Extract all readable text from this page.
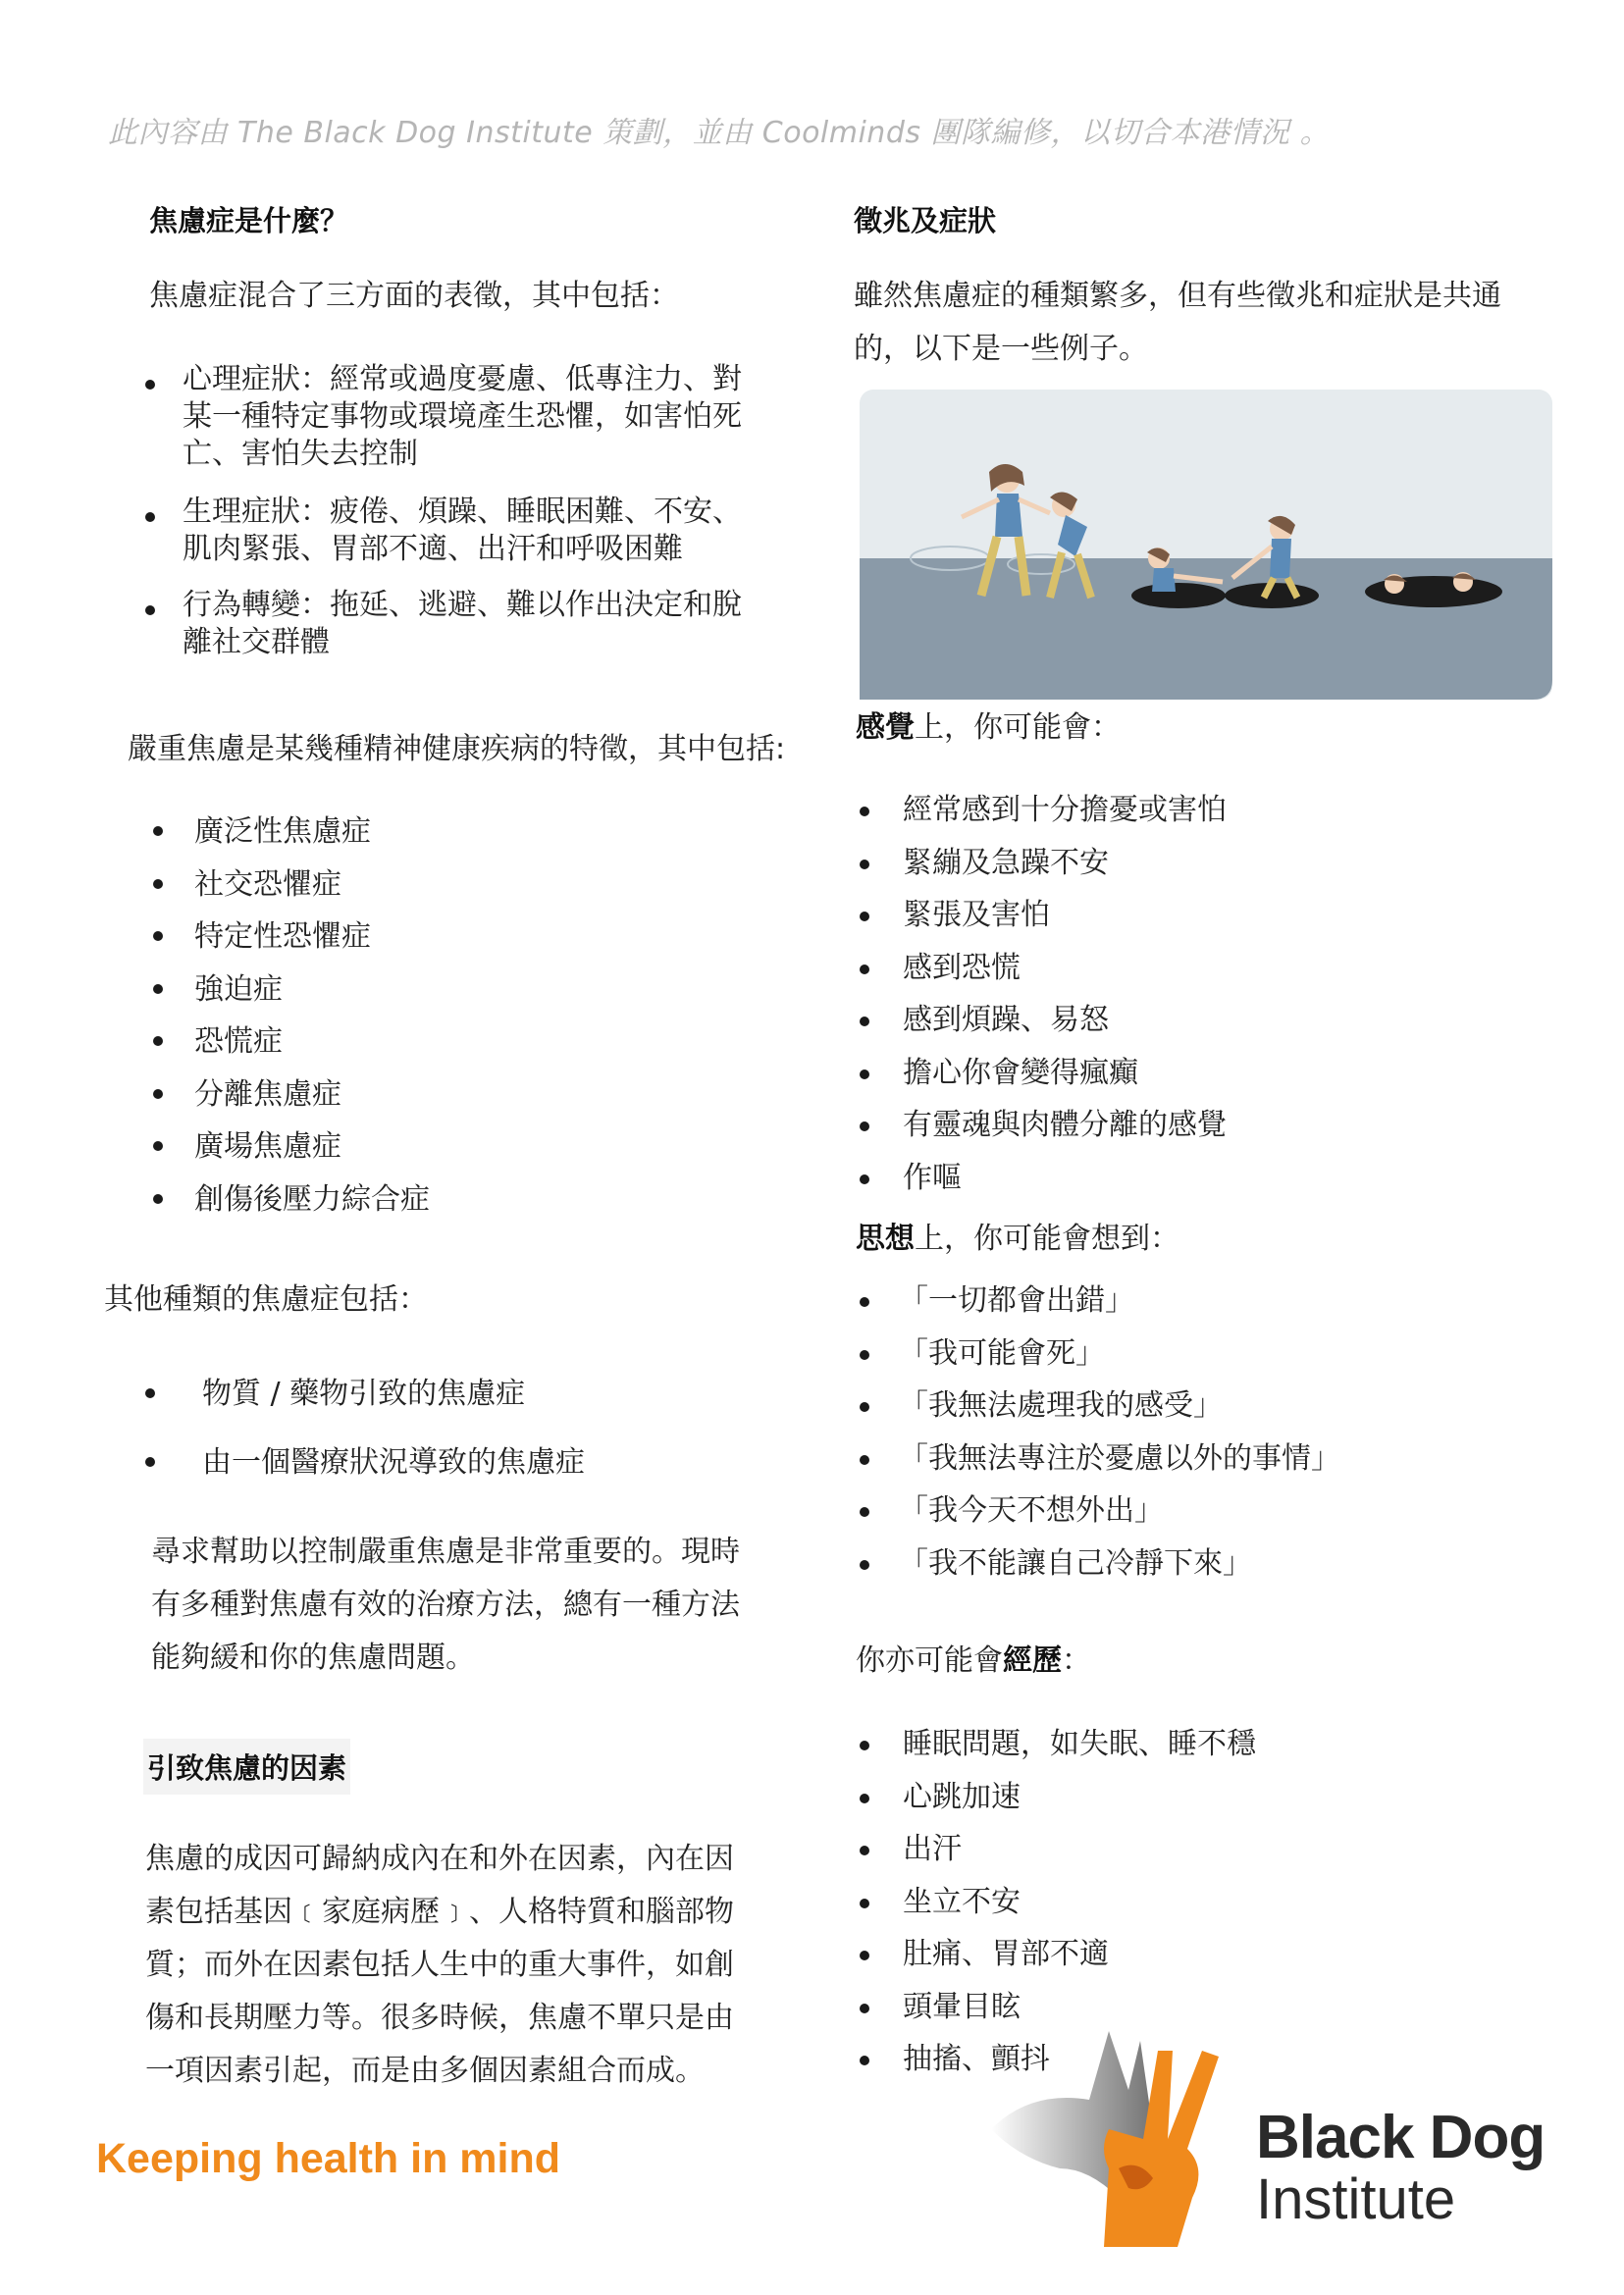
此內容由 The Black Dog Institute 策劃，並由 Coolminds 團隊編修，以切合本港情況 。
焦慮症是什麼？
焦慮症混合了三方面的表徵，其中包括：
心理症狀：經常或過度憂慮、低專注力、對
某一種特定事物或環境產生恐懼，如害怕死
亡、害怕失去控制
生理症狀：疲倦、煩躁、睡眠困難、不安、
肌肉緊張、胃部不適、出汗和呼吸困難
行為轉變：拖延、逃避、難以作出決定和脫
離社交群體
嚴重焦慮是某幾種精神健康疾病的特徵，其中包括:
廣泛性焦慮症
社交恐懼症
特定性恐懼症
強迫症
恐慌症
分離焦慮症
廣場焦慮症
創傷後壓力綜合症
其他種類的焦慮症包括：
物質 / 藥物引致的焦慮症
由一個醫療狀況導致的焦慮症
尋求幫助以控制嚴重焦慮是非常重要的。現時
有多種對焦慮有效的治療方法，總有一種方法
能夠緩和你的焦慮問題。
引致焦慮的因素
焦慮的成因可歸納成內在和外在因素，內在因
素包括基因﹝家庭病歷﹞、人格特質和腦部物
質；而外在因素包括人生中的重大事件，如創
傷和長期壓力等。很多時候，焦慮不單只是由
一項因素引起，而是由多個因素組合而成。
徵兆及症狀
雖然焦慮症的種類繁多，但有些徵兆和症狀是共通
的，以下是一些例子。
感覺上，你可能會：
經常感到十分擔憂或害怕
緊繃及急躁不安
緊張及害怕
感到恐慌
感到煩躁、易怒
擔心你會變得瘋癲
有靈魂與肉體分離的感覺
作嘔
思想上，你可能會想到：
「一切都會出錯」
「我可能會死」
「我無法處理我的感受」
「我無法專注於憂慮以外的事情」
「我今天不想外出」
「我不能讓自己冷靜下來」
你亦可能會經歷：
睡眠問題，如失眠、睡不穩
心跳加速
出汗
坐立不安
肚痛、胃部不適
頭暈目眩
抽搐、顫抖
Keeping health in mind	Black Dog
Institute
